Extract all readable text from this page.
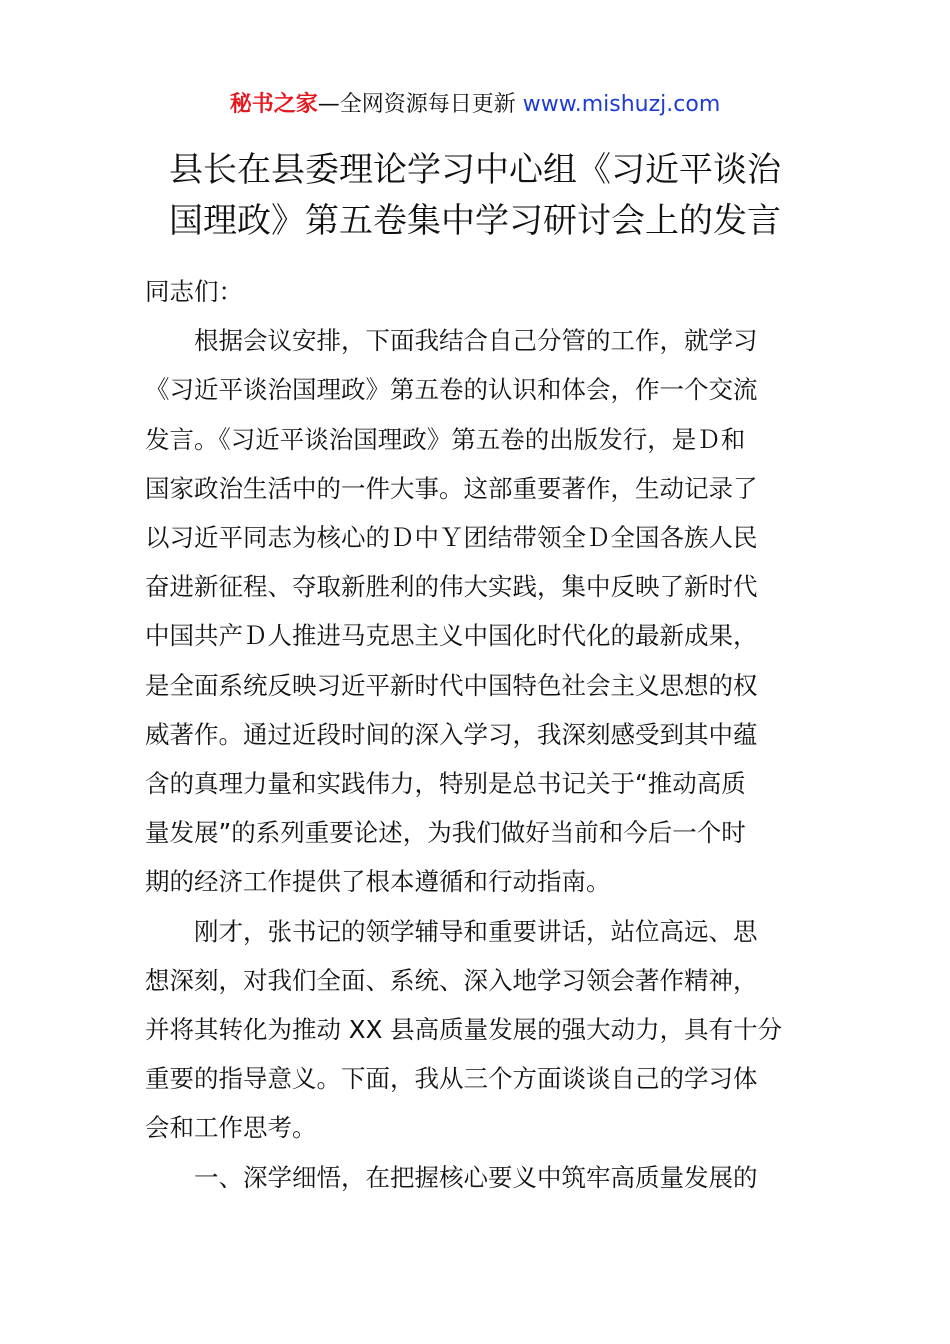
秘书之家—全网资源每日更新 www.mishuzj.com
县长在县委理论学习中心组《习近平谈治
国理政》第五卷集中学习研讨会上的发言

同志们：

根据会议安排，下面我结合自己分管的工作，就学习
《习近平谈治国理政》第五卷的认识和体会，作一个交流
发言。《习近平谈治国理政》第五卷的出版发行，是Ｄ和
国家政治生活中的一件大事。这部重要著作，生动记录了
以习近平同志为核心的Ｄ中Ｙ团结带领全Ｄ全国各族人民
奋进新征程、夺取新胜利的伟大实践，集中反映了新时代
中国共产Ｄ人推进马克思主义中国化时代化的最新成果，
是全面系统反映习近平新时代中国特色社会主义思想的权
威著作。通过近段时间的深入学习，我深刻感受到其中蕴
含的真理力量和实践伟力，特别是总书记关于“推动高质
量发展”的系列重要论述，为我们做好当前和今后一个时
期的经济工作提供了根本遵循和行动指南。

刚才，张书记的领学辅导和重要讲话，站位高远、思
想深刻，对我们全面、系统、深入地学习领会著作精神，
并将其转化为推动 XX 县高质量发展的强大动力，具有十分
重要的指导意义。下面，我从三个方面谈谈自己的学习体
会和工作思考。

一、深学细悟，在把握核心要义中筑牢高质量发展的
